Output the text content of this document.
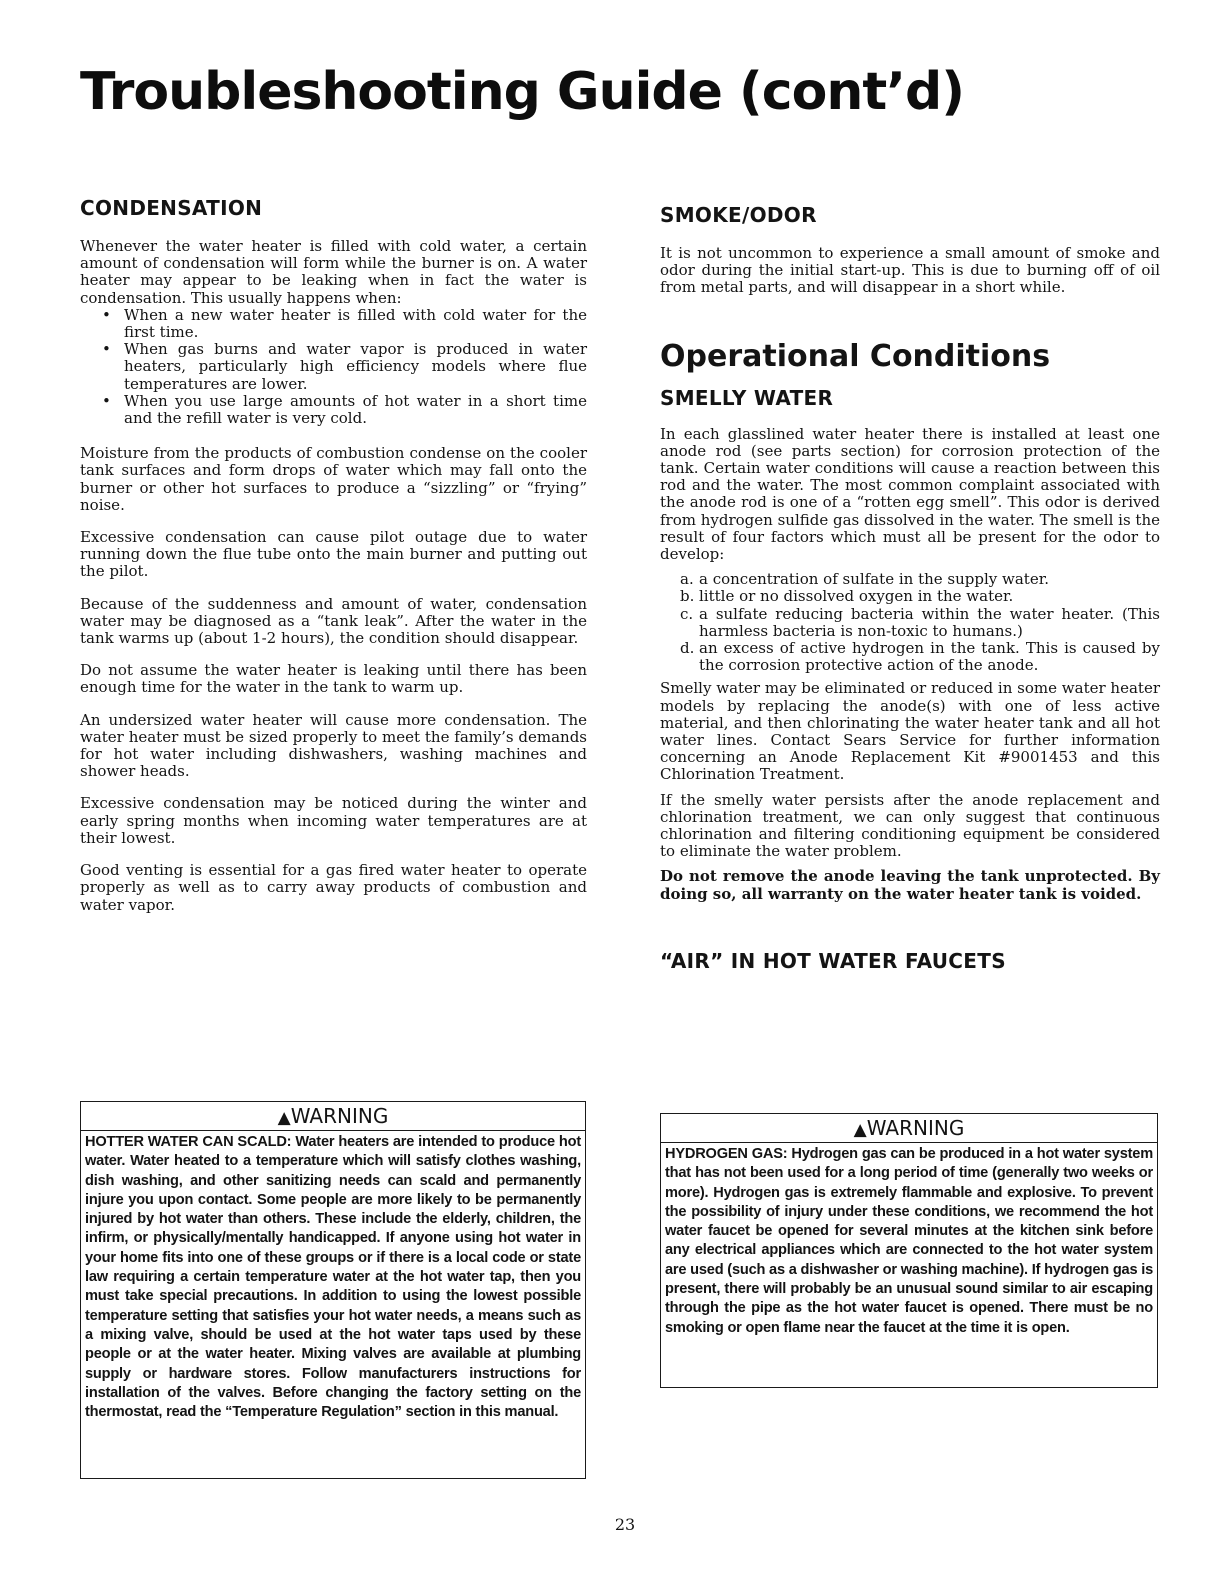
Troubleshooting Guide (cont’d)
CONDENSATION

Whenever the water heater is filled with cold water, a certain amount of condensation will form while the burner is on. A water heater may appear to be leaking when in fact the water is condensation. This usually happens when:

• When a new water heater is filled with cold water for the first time.
• When gas burns and water vapor is produced in water heaters, particularly high efficiency models where flue temperatures are lower.
• When you use large amounts of hot water in a short time and the refill water is very cold.

Moisture from the products of combustion condense on the cooler tank surfaces and form drops of water which may fall onto the burner or other hot surfaces to produce a “sizzling” or “frying” noise.

Excessive condensation can cause pilot outage due to water running down the flue tube onto the main burner and putting out the pilot.

Because of the suddenness and amount of water, condensation water may be diagnosed as a “tank leak”. After the water in the tank warms up (about 1-2 hours), the condition should disappear.

Do not assume the water heater is leaking until there has been enough time for the water in the tank to warm up.

An undersized water heater will cause more condensation. The water heater must be sized properly to meet the family’s demands for hot water including dishwashers, washing machines and shower heads.

Excessive condensation may be noticed during the winter and early spring months when incoming water temperatures are at their lowest.

Good venting is essential for a gas fired water heater to operate properly as well as to carry away products of combustion and water vapor.

▲WARNING

HOTTER WATER CAN SCALD: Water heaters are intended to produce hot water. Water heated to a temperature which will satisfy clothes washing, dish washing, and other sanitizing needs can scald and permanently injure you upon contact. Some people are more likely to be permanently injured by hot water than others. These include the elderly, children, the infirm, or physically/mentally handicapped. If anyone using hot water in your home fits into one of these groups or if there is a local code or state law requiring a certain temperature water at the hot water tap, then you must take special precautions. In addition to using the lowest possible temperature setting that satisfies your hot water needs, a means such as a mixing valve, should be used at the hot water taps used by these people or at the water heater. Mixing valves are available at plumbing supply or hardware stores. Follow manufacturers instructions for installation of the valves. Before changing the factory setting on the thermostat, read the “Temperature Regulation” section in this manual.

SMOKE/ODOR

It is not uncommon to experience a small amount of smoke and odor during the initial start-up. This is due to burning off of oil from metal parts, and will disappear in a short while.

Operational Conditions
SMELLY WATER

In each glasslined water heater there is installed at least one anode rod (see parts section) for corrosion protection of the tank. Certain water conditions will cause a reaction between this rod and the water. The most common complaint associated with the anode rod is one of a “rotten egg smell”. This odor is derived from hydrogen sulfide gas dissolved in the water. The smell is the result of four factors which must all be present for the odor to develop:

a. a concentration of sulfate in the supply water.
b. little or no dissolved oxygen in the water.
c. a sulfate reducing bacteria within the water heater. (This harmless bacteria is non-toxic to humans.)
d. an excess of active hydrogen in the tank. This is caused by the corrosion protective action of the anode.

Smelly water may be eliminated or reduced in some water heater models by replacing the anode(s) with one of less active material, and then chlorinating the water heater tank and all hot water lines. Contact Sears Service for further information concerning an Anode Replacement Kit #9001453 and this Chlorination Treatment.

If the smelly water persists after the anode replacement and chlorination treatment, we can only suggest that continuous chlorination and filtering conditioning equipment be considered to eliminate the water problem.

Do not remove the anode leaving the tank unprotected. By doing so, all warranty on the water heater tank is voided.

“AIR” IN HOT WATER FAUCETS
▲WARNING

HYDROGEN GAS: Hydrogen gas can be produced in a hot water system that has not been used for a long period of time (generally two weeks or more). Hydrogen gas is extremely flammable and explosive. To prevent the possibility of injury under these conditions, we recommend the hot water faucet be opened for several minutes at the kitchen sink before any electrical appliances which are connected to the hot water system are used (such as a dishwasher or washing machine). If hydrogen gas is present, there will probably be an unusual sound similar to air escaping through the pipe as the hot water faucet is opened. There must be no smoking or open flame near the faucet at the time it is open.

23
